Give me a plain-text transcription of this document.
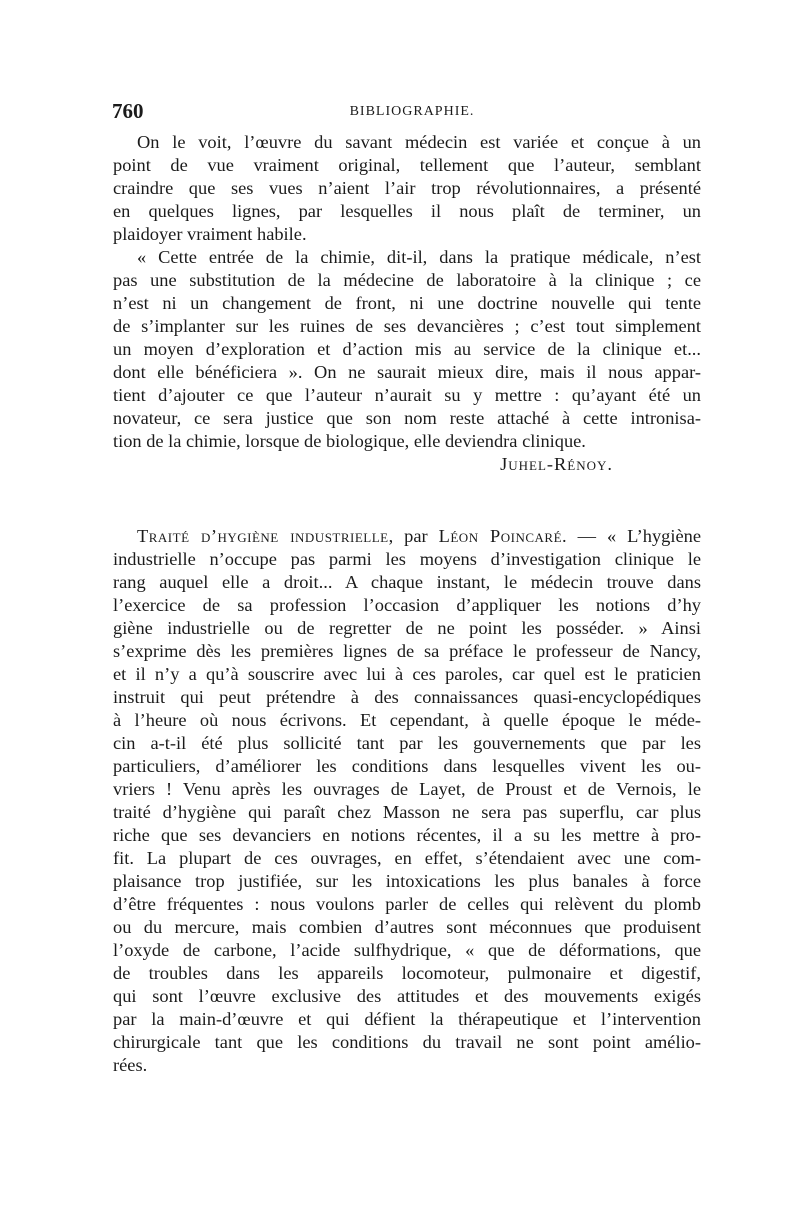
760	BIBLIOGRAPHIE.
On le voit, l’œuvre du savant médecin est variée et conçue à un
point de vue vraiment original, tellement que l’auteur, semblant
craindre que ses vues n’aient l’air trop révolutionnaires, a présenté
en quelques lignes, par lesquelles il nous plaît de terminer, un
plaidoyer vraiment habile.
« Cette entrée de la chimie, dit-il, dans la pratique médicale, n’est
pas une substitution de la médecine de laboratoire à la clinique ; ce
n’est ni un changement de front, ni une doctrine nouvelle qui tente
de s’implanter sur les ruines de ses devancières ; c’est tout simplement
un moyen d’exploration et d’action mis au service de la clinique et...
dont elle bénéficiera ». On ne saurait mieux dire, mais il nous appar-
tient d’ajouter ce que l’auteur n’aurait su y mettre : qu’ayant été un
novateur, ce sera justice que son nom reste attaché à cette intronisa-
tion de la chimie, lorsque de biologique, elle deviendra clinique.
Juhel-Rénoy.
Traité d’hygiène industrielle, par Léon Poincaré. — « L’hygiène
industrielle n’occupe pas parmi les moyens d’investigation clinique le
rang auquel elle a droit... A chaque instant, le médecin trouve dans
l’exercice de sa profession l’occasion d’appliquer les notions d’hy
giène industrielle ou de regretter de ne point les posséder. » Ainsi
s’exprime dès les premières lignes de sa préface le professeur de Nancy,
et il n’y a qu’à souscrire avec lui à ces paroles, car quel est le praticien
instruit qui peut prétendre à des connaissances quasi-encyclopédiques
à l’heure où nous écrivons. Et cependant, à quelle époque le méde-
cin a-t-il été plus sollicité tant par les gouvernements que par les
particuliers, d’améliorer les conditions dans lesquelles vivent les ou-
vriers ! Venu après les ouvrages de Layet, de Proust et de Vernois, le
traité d’hygiène qui paraît chez Masson ne sera pas superflu, car plus
riche que ses devanciers en notions récentes, il a su les mettre à pro-
fit. La plupart de ces ouvrages, en effet, s’étendaient avec une com-
plaisance trop justifiée, sur les intoxications les plus banales à force
d’être fréquentes : nous voulons parler de celles qui relèvent du plomb
ou du mercure, mais combien d’autres sont méconnues que produisent
l’oxyde de carbone, l’acide sulfhydrique, « que de déformations, que
de troubles dans les appareils locomoteur, pulmonaire et digestif,
qui sont l’œuvre exclusive des attitudes et des mouvements exigés
par la main-d’œuvre et qui défient la thérapeutique et l’intervention
chirurgicale tant que les conditions du travail ne sont point amélio-
rées.
